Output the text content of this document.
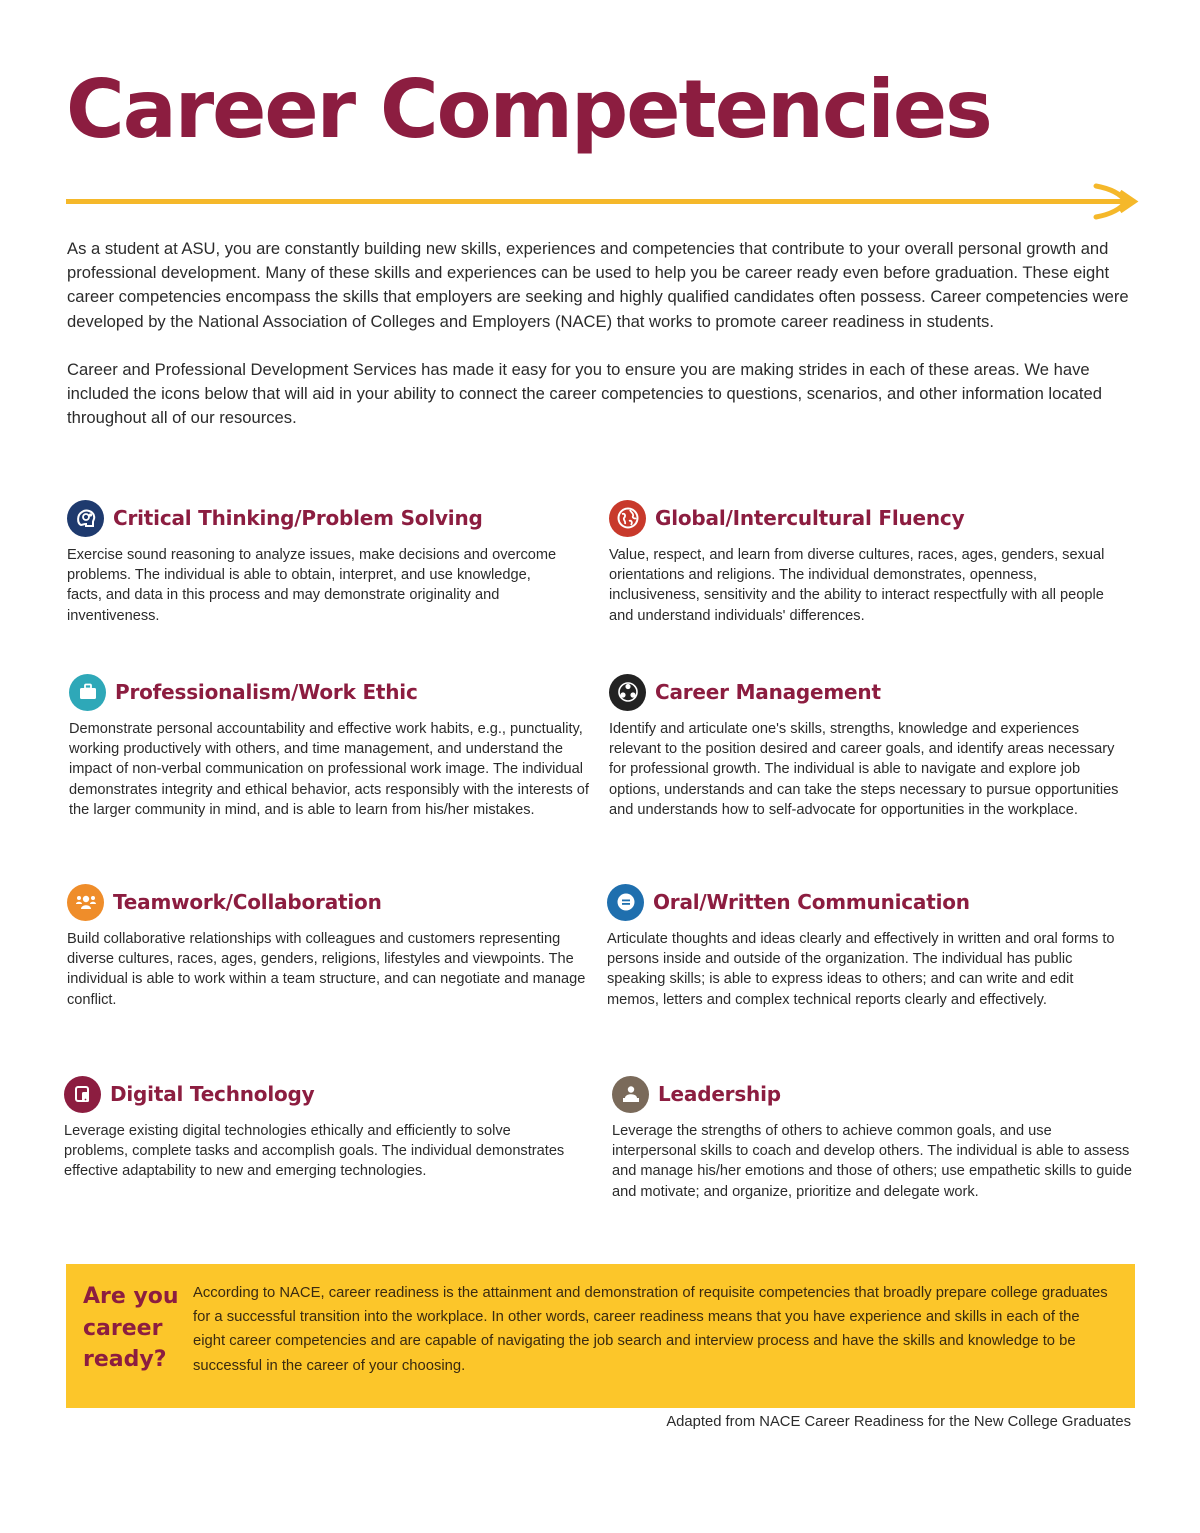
Career Competencies

As a student at ASU, you are constantly building new skills, experiences and competencies that contribute to your overall personal growth and professional development. Many of these skills and experiences can be used to help you be career ready even before graduation. These eight career competencies encompass the skills that employers are seeking and highly qualified candidates often possess. Career competencies were developed by the National Association of Colleges and Employers (NACE) that works to promote career readiness in students.

Career and Professional Development Services has made it easy for you to ensure you are making strides in each of these areas. We have included the icons below that will aid in your ability to connect the career competencies to questions, scenarios, and other information located throughout all of our resources.

Critical Thinking/Problem Solving
Exercise sound reasoning to analyze issues, make decisions and overcome problems. The individual is able to obtain, interpret, and use knowledge, facts, and data in this process and may demonstrate originality and inventiveness.
Global/Intercultural Fluency
Value, respect, and learn from diverse cultures, races, ages, genders, sexual orientations and religions. The individual demonstrates, openness, inclusiveness, sensitivity and the ability to interact respectfully with all people and understand individuals' differences.
Professionalism/Work Ethic
Demonstrate personal accountability and effective work habits, e.g., punctuality, working productively with others, and time management, and understand the impact of non-verbal communication on professional work image. The individual demonstrates integrity and ethical behavior, acts responsibly with the interests of the larger community in mind, and is able to learn from his/her mistakes.
Career Management
Identify and articulate one's skills, strengths, knowledge and experiences relevant to the position desired and career goals, and identify areas necessary for professional growth. The individual is able to navigate and explore job options, understands and can take the steps necessary to pursue opportunities and understands how to self-advocate for opportunities in the workplace.
Teamwork/Collaboration
Build collaborative relationships with colleagues and customers representing diverse cultures, races, ages, genders, religions, lifestyles and viewpoints. The individual is able to work within a team structure, and can negotiate and manage conflict.
Oral/Written Communication
Articulate thoughts and ideas clearly and effectively in written and oral forms to persons inside and outside of the organization. The individual has public speaking skills; is able to express ideas to others; and can write and edit memos, letters and complex technical reports clearly and effectively.
Digital Technology
Leverage existing digital technologies ethically and efficiently to solve problems, complete tasks and accomplish goals. The individual demonstrates effective adaptability to new and emerging technologies.
Leadership
Leverage the strengths of others to achieve common goals, and use interpersonal skills to coach and develop others. The individual is able to assess and manage his/her emotions and those of others; use empathetic skills to guide and motivate; and organize, prioritize and delegate work.
Are you career ready?
According to NACE, career readiness is the attainment and demonstration of requisite competencies that broadly prepare college graduates for a successful transition into the workplace. In other words, career readiness means that you have experience and skills in each of the eight career competencies and are capable of navigating the job search and interview process and have the skills and knowledge to be successful in the career of your choosing.
Adapted from NACE Career Readiness for the New College Graduates
